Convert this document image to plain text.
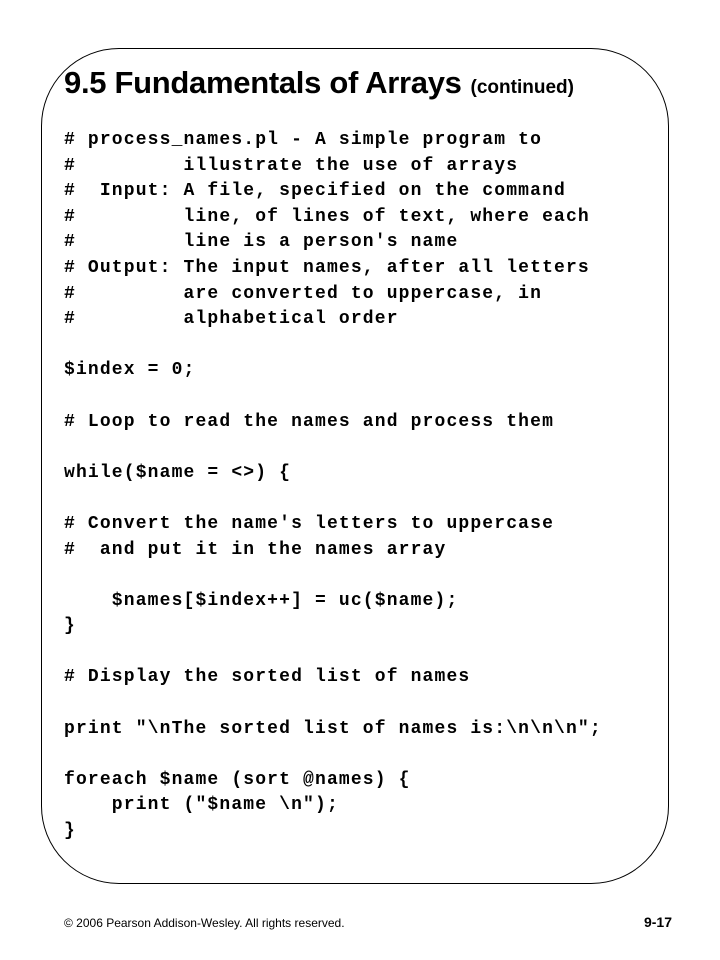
9.5 Fundamentals of Arrays (continued)
# process_names.pl - A simple program to
#         illustrate the use of arrays
#  Input: A file, specified on the command
#         line, of lines of text, where each
#         line is a person's name
# Output: The input names, after all letters
#         are converted to uppercase, in
#         alphabetical order
$index = 0;
# Loop to read the names and process them
while($name = <>) {
# Convert the name's letters to uppercase
#  and put it in the names array
$names[$index++] = uc($name);
}
# Display the sorted list of names
print "\nThe sorted list of names is:\n\n\n";
foreach $name (sort @names) {
print ("$name \n");
}
© 2006 Pearson Addison-Wesley. All rights reserved.	9-17
